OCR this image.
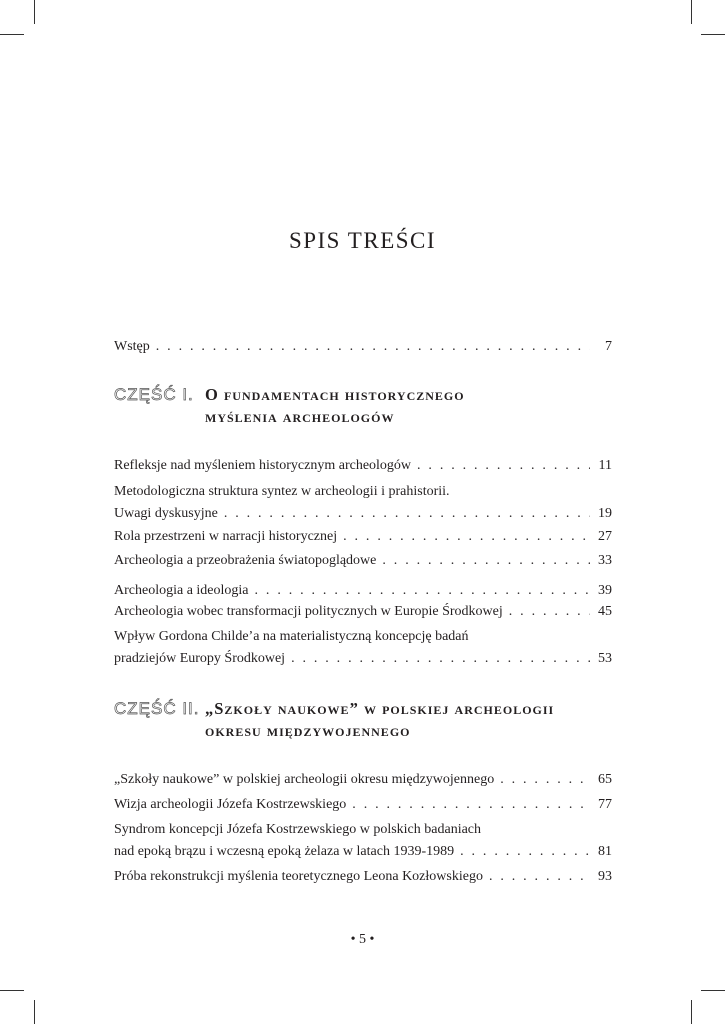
SPIS TREŚCI
Wstęp . . .	7
CZĘŚĆ I. O fundamentach historycznego
myślenia archeologów
Refleksje nad myśleniem historycznym archeologów . . .	11
Metodologiczna struktura syntez w archeologii i prahistorii.
Uwagi dyskusyjne . . .	19
Rola przestrzeni w narracji historycznej . . .	27
Archeologia a przeobrażenia światopoglądowe . . .	33
Archeologia a ideologia . . .	39
Archeologia wobec transformacji politycznych w Europie Środkowej . . .	45
Wpływ Gordona Childe’a na materialistyczną koncepcję badań
pradziejów Europy Środkowej . . .	53
CZĘŚĆ II. „Szkoły naukowe” w polskiej archeologii
okresu międzywojennego
„Szkoły naukowe” w polskiej archeologii okresu międzywojennego . . .	65
Wizja archeologii Józefa Kostrzewskiego . . .	77
Syndrom koncepcji Józefa Kostrzewskiego w polskich badaniach
nad epoką brązu i wczesną epoką żelaza w latach 1939-1989 . . .	81
Próba rekonstrukcji myślenia teoretycznego Leona Kozłowskiego . . .	93
• 5 •
